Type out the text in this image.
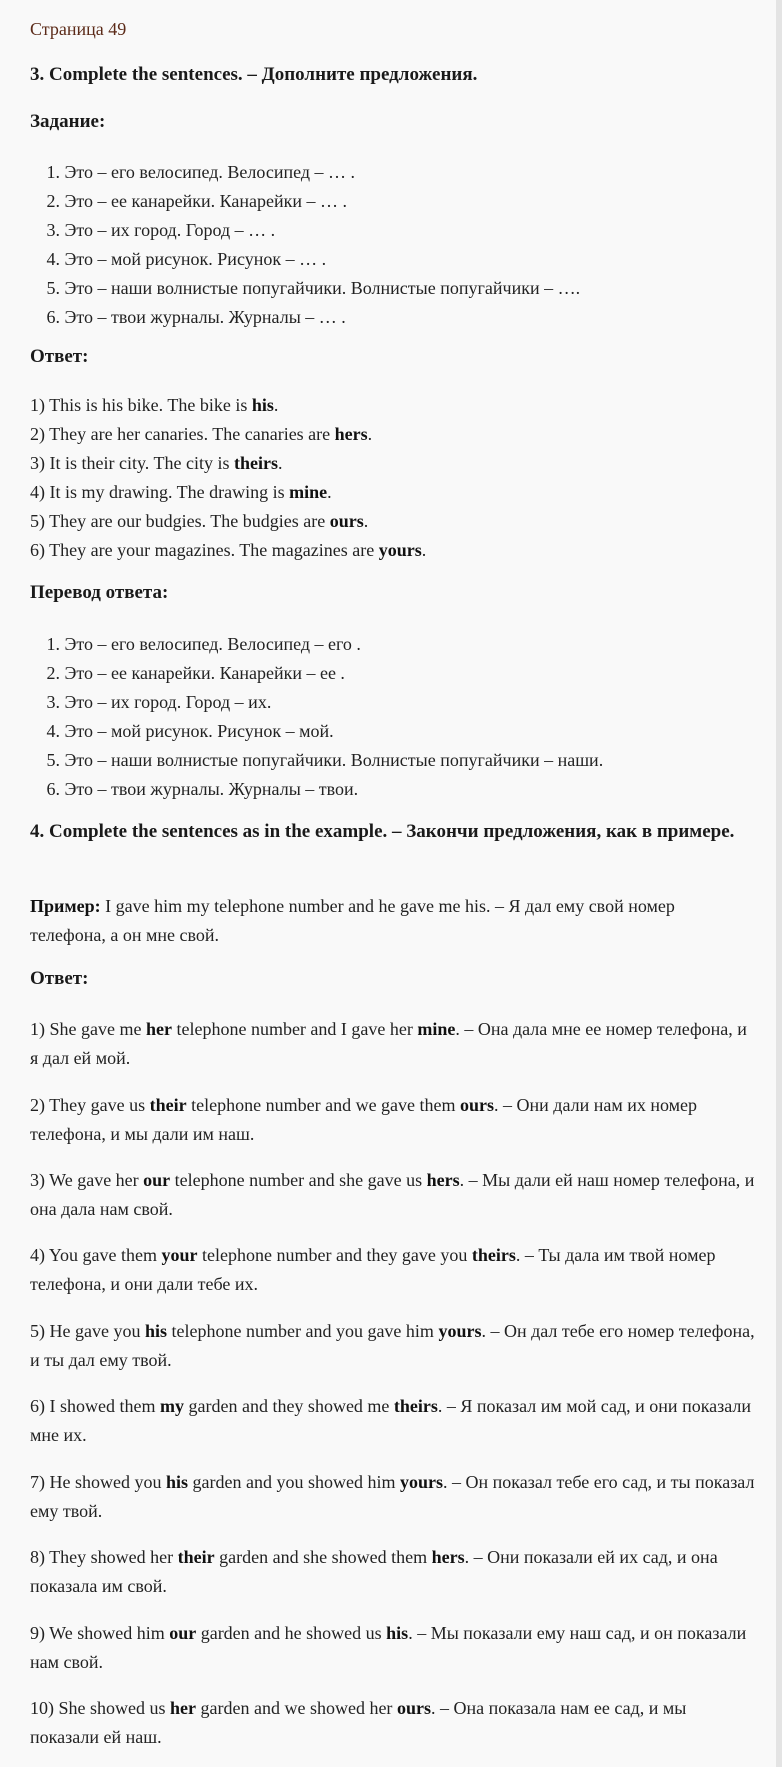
Страница 49
3. Complete the sentences. – Дополните предложения.
Задание:
1. Это – его велосипед. Велосипед – … .
2. Это – ее канарейки. Канарейки – … .
3. Это – их город. Город – … .
4. Это – мой рисунок. Рисунок – … .
5. Это – наши волнистые попугайчики. Волнистые попугайчики – ….
6. Это – твои журналы. Журналы – … .
Ответ:
1) This is his bike. The bike is his.
2) They are her canaries. The canaries are hers.
3) It is their city. The city is theirs.
4) It is my drawing. The drawing is mine.
5) They are our budgies. The budgies are ours.
6) They are your magazines. The magazines are yours.
Перевод ответа:
1. Это – его велосипед. Велосипед – его .
2. Это – ее канарейки. Канарейки – ее .
3. Это – их город. Город – их.
4. Это – мой рисунок. Рисунок – мой.
5. Это – наши волнистые попугайчики. Волнистые попугайчики – наши.
6. Это – твои журналы. Журналы – твои.
4. Complete the sentences as in the example. – Закончи предложения, как в примере.
Пример: I gave him my telephone number and he gave me his. – Я дал ему свой номер телефона, а он мне свой.
Ответ:
1) She gave me her telephone number and I gave her mine. – Она дала мне ее номер телефона, и я дал ей мой.
2) They gave us their telephone number and we gave them ours. – Они дали нам их номер телефона, и мы дали им наш.
3) We gave her our telephone number and she gave us hers. – Мы дали ей наш номер телефона, и она дала нам свой.
4) You gave them your telephone number and they gave you theirs. – Ты дала им твой номер телефона, и они дали тебе их.
5) He gave you his telephone number and you gave him yours. – Он дал тебе его номер телефона, и ты дал ему твой.
6) I showed them my garden and they showed me theirs. – Я показал им мой сад, и они показали мне их.
7) He showed you his garden and you showed him yours. – Он показал тебе его сад, и ты показал ему твой.
8) They showed her their garden and she showed them hers. – Они показали ей их сад, и она показала им свой.
9) We showed him our garden and he showed us his. – Мы показали ему наш сад, и он показали нам свой.
10) She showed us her garden and we showed her ours. – Она показала нам ее сад, и мы показали ей наш.
